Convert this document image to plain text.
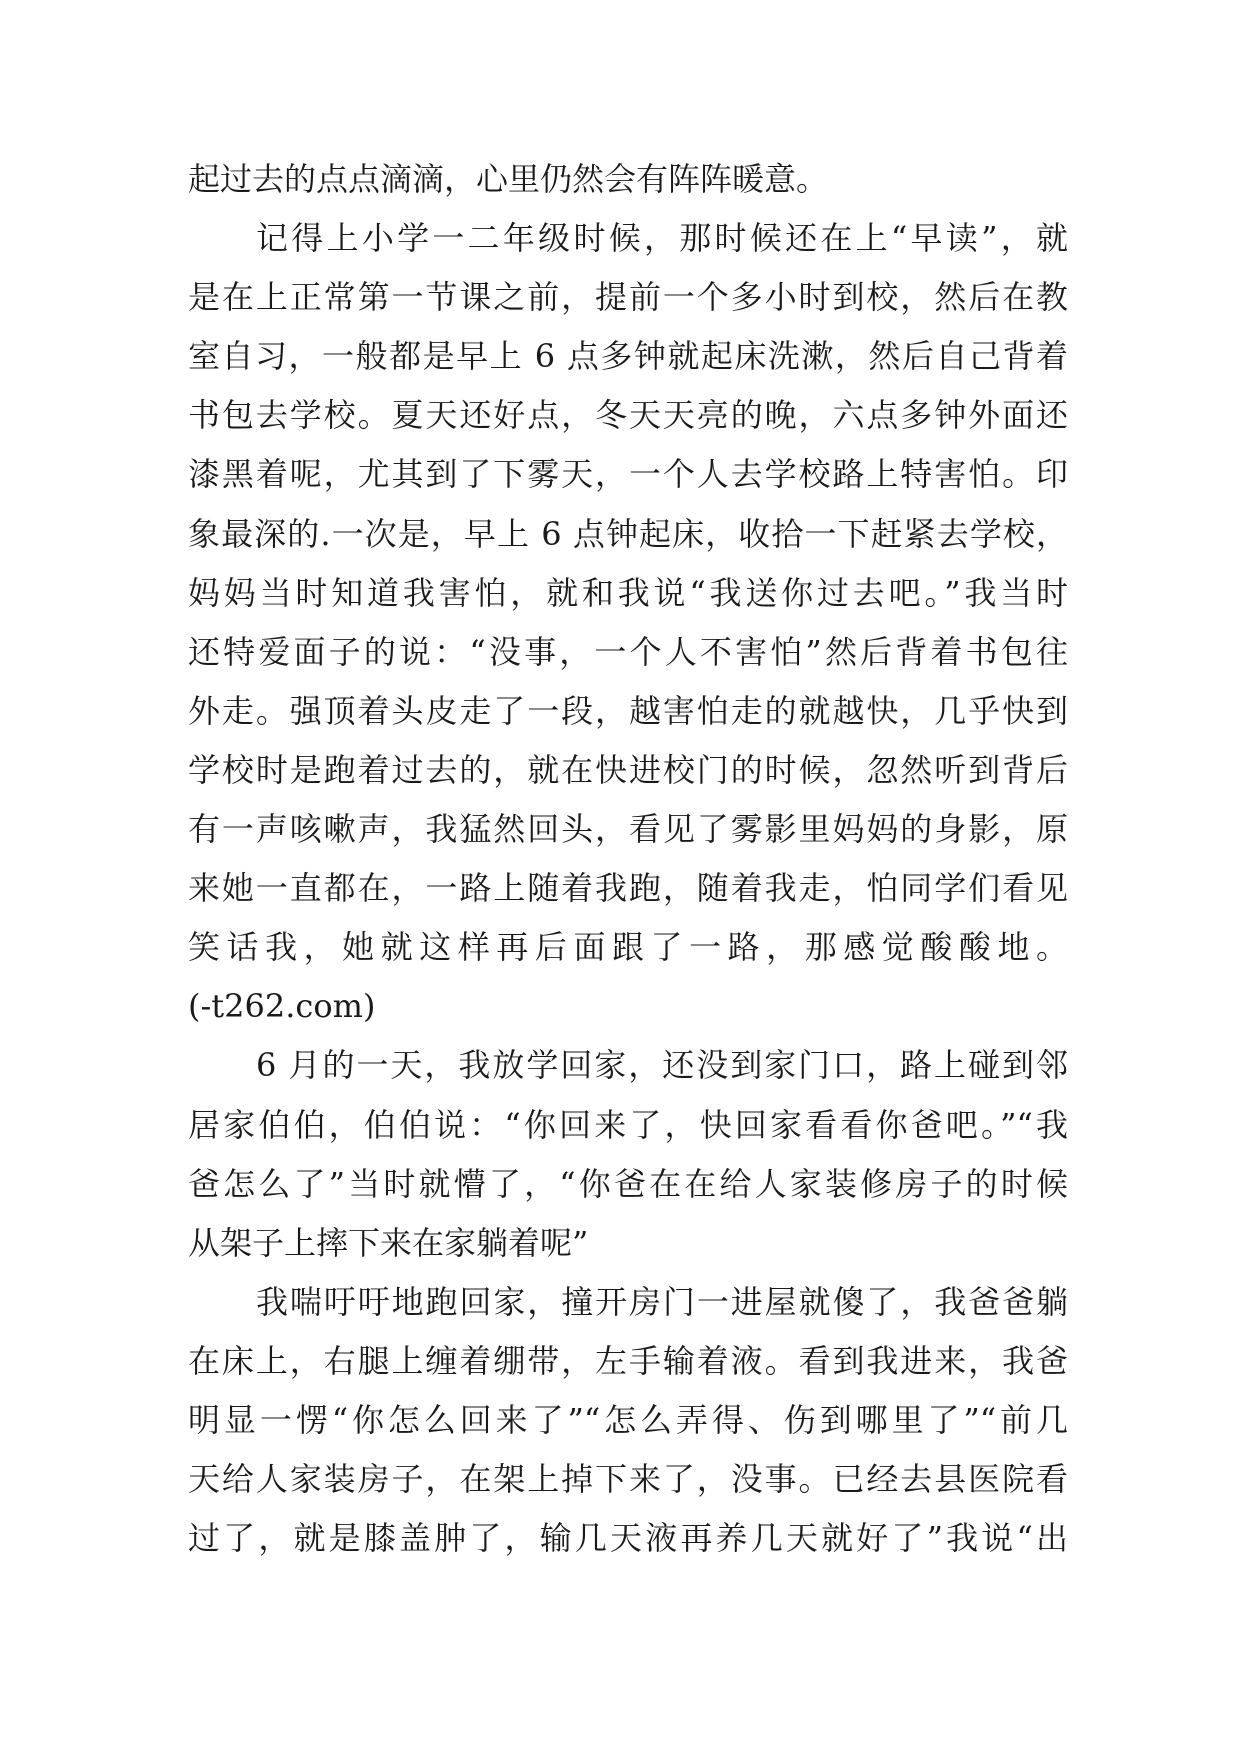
起过去的点点滴滴，心里仍然会有阵阵暖意。
记得上小学一二年级时候，那时候还在上“早读”，就
是在上正常第一节课之前，提前一个多小时到校，然后在教
室自习，一般都是早上 6 点多钟就起床洗漱，然后自己背着
书包去学校。夏天还好点，冬天天亮的晚，六点多钟外面还
漆黑着呢，尤其到了下雾天，一个人去学校路上特害怕。印
象最深的.一次是，早上 6 点钟起床，收拾一下赶紧去学校，
妈妈当时知道我害怕，就和我说“我送你过去吧。”我当时
还特爱面子的说：“没事，一个人不害怕”然后背着书包往
外走。强顶着头皮走了一段，越害怕走的就越快，几乎快到
学校时是跑着过去的，就在快进校门的时候，忽然听到背后
有一声咳嗽声，我猛然回头，看见了雾影里妈妈的身影，原
来她一直都在，一路上随着我跑，随着我走，怕同学们看见
笑话我，她就这样再后面跟了一路，那感觉酸酸地。
(-t262.com)
6 月的一天，我放学回家，还没到家门口，路上碰到邻
居家伯伯，伯伯说：“你回来了，快回家看看你爸吧。”“我
爸怎么了”当时就懵了，“你爸在在给人家装修房子的时候
从架子上摔下来在家躺着呢”
我喘吁吁地跑回家，撞开房门一进屋就傻了，我爸爸躺
在床上，右腿上缠着绷带，左手输着液。看到我进来，我爸
明显一愣“你怎么回来了”“怎么弄得、伤到哪里了”“前几
天给人家装房子，在架上掉下来了，没事。已经去县医院看
过了，就是膝盖肿了，输几天液再养几天就好了”我说“出
